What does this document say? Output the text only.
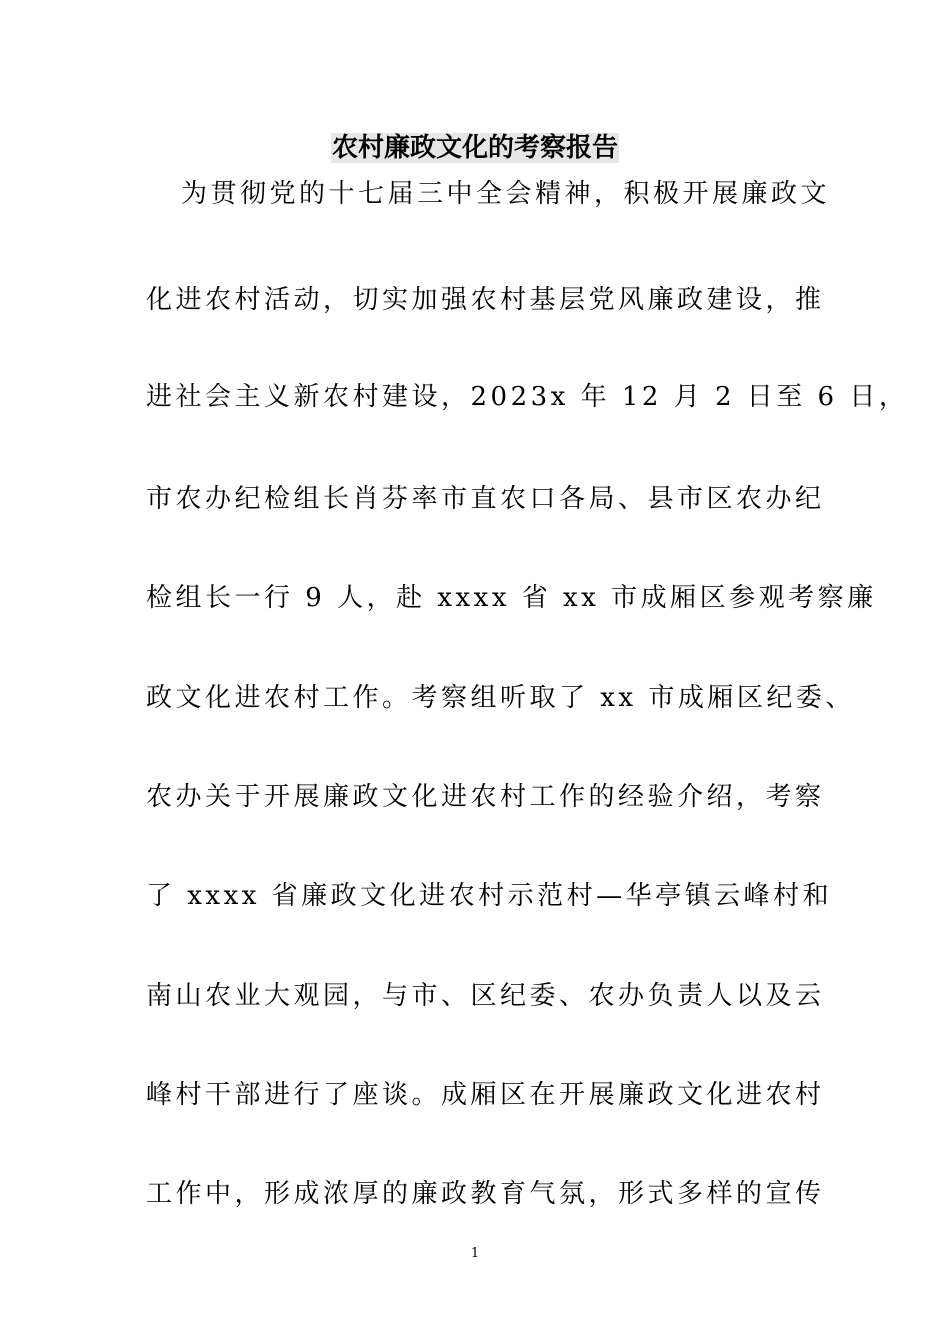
农村廉政文化的考察报告
为贯彻党的十七届三中全会精神，积极开展廉政文
化进农村活动，切实加强农村基层党风廉政建设，推
进社会主义新农村建设，2023x 年 12 月 2 日至 6 日，
市农办纪检组长肖芬率市直农口各局、县市区农办纪
检组长一行 9 人，赴 xxxx 省 xx 市成厢区参观考察廉
政文化进农村工作。考察组听取了 xx 市成厢区纪委、
农办关于开展廉政文化进农村工作的经验介绍，考察
了 xxxx 省廉政文化进农村示范村—华亭镇云峰村和
南山农业大观园，与市、区纪委、农办负责人以及云
峰村干部进行了座谈。成厢区在开展廉政文化进农村
工作中，形成浓厚的廉政教育气氛，形式多样的宣传
1
